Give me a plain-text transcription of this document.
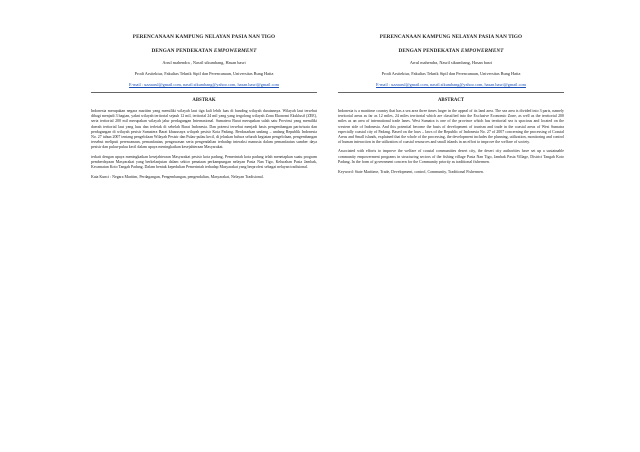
PERENCANAAN KAMPUNG NELAYAN PASIA NAN TIGO

DENGAN PENDEKATAN EMPOWERMENT

Arrul mahendra , Nasril sikumbang, Hasan basri
Prodi Arsitektur, Fakultas Teknik Sipil dan Perencanaan, Universitas Bung Hatta
E-mail : uzzaarul@gmail.com, nasril.sikumbang@yahoo.com, hasan.basri@gmail.com
ABSTRAK
Indonesia merupakan negara maritim yang memiliki wilayah laut tiga kali lebih luas di banding wilayah daratannya. Wilayah laut tersebut dibagi menjadi 3 bagian, yakni wilayah teritorial sejauh 12 mil, teritorial 24 mil yang yang tergolong wilayah Zona Ekonomi Eksklusif (ZEE), serta teritorial 200 mil merupakan wilayah jalur perdagangan Internasional. Sumatera Barat merupakan salah satu Provinsi yang memiliki daerah teritorial laut yang luas dan terletak di sebelah Barat Indonesia. Dan potensi tersebut menjadi basis pengembangan pariwisata dan perdagangan di wilayah pesisir Sumatera Barat khususnya wilayah pesisir Kota Padang. Berdasarkan undang – undang Republik Indonesia No. 27 tahun 2007 tentang pengelolaan Wilayah Pesisir dan Pulau-pulau kecil, di jelaskan bahwa seluruh kegiatan pengelolaan, pengembangan tersebut meliputi perencanaan, pemanfaatan, pengawasan serta pengendalian terhadap interaksi manusia dalam pemanfaatan sumber daya pesisir dan pulau-pulau kecil dalam upaya meningkatkan kesejahteraan Masyarakat.
terkait dengan upaya meningkatkan kesejahteraan Masyarakat pesisir kota padang, Pemerintah kota padang telah menetapkan suatu program pemberdayaan Masyarakat yang berkelanjutan dalam sektor penataan perkampungan nelayan Pasia Nan Tigo, Kelurahan Pasia Jambak, Kecamatan Koto Tangah Padang. Dalam bentuk kepedulian Pemerintah terhadap Masyarakat yang berprofesi sebagai nelayan tradisional.
Kata Kunci : Negara Maritim, Perdagangan, Pengembangan, pengendalian, Masyarakat, Nelayan Tradisional.

PERENCANAAN KAMPUNG NELAYAN PASIA NAN TIGO

DENGAN PENDEKATAN EMPOWERMENT

Arrul mahendra, Nasril sikumbang, Hasan basri
Prodi Arsitektur, Fakultas Teknik Sipil dan Perencanaan, Universitas Bung Hatta
E-mail : uzzaarul@gmail.com, nasril.sikumbang@yahoo.com, hasan.basri@gmail.com
ABSTRACT
Indonesia is a maritime country that has a sea area three times larger in the appeal of its land area. The sea area is divided into 3 parts, namely territorial areas as far as 12 miles, 24 miles territorial which are classified into the Exclusive Economic Zone, as well as the territorial 200 miles as an area of international trade lanes. West Sumatra is one of the province which has territorial sea is spacious and located on the western side of Indonesia. And this potential become the basis of development of tourism and trade in the coastal areas of West Sumatra especially coastal city of Padang. Based on the laws – laws of the Republic of Indonesia No. 27 of 2007 concerning the processing of Coastal Areas and Small islands, explained that the whole of the processing, the development includes the planning, utilization, monitoring and control of human interaction in the utilization of coastal resources and small islands in an effort to improve the welfare of society.
Associated with efforts to improve the welfare of coastal communities desert city, the desert city authorities have set up a sustainable community empowerment programs in structuring sectors of the fishing village Pasia Nan Tigo, Jambak Pasia Village, District Tangah Koto Padang. In the form of government concern for the Community priority as traditional fishermen.
Keyword: State Maritime, Trade, Development, control, Community, Traditional Fishermen.
